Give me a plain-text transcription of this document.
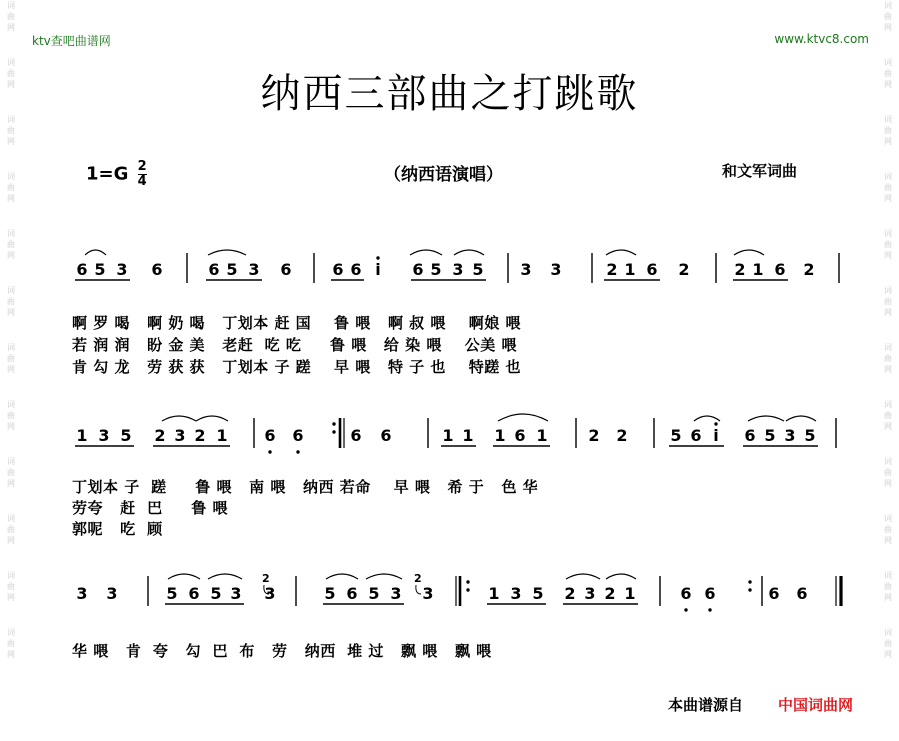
词
曲
网
词
曲
网
词
曲
网
词
曲
网
词
曲
网
词
曲
网
词
曲
网
词
曲
网
词
曲
网
词
曲
网
词
曲
网
词
曲
网
词
曲
网
词
曲
网
词
曲
网
词
曲
网
词
曲
网
词
曲
网
词
曲
网
词
曲
网
词
曲
网
词
曲
网
词
曲
网
词
曲
网
ktv查吧曲谱网	www.ktvc8.com
纳西三部曲之打跳歌
$1=G \frac{2}{4}$	（纳西语演唱）	和文军词曲
6 5 3 6	6 5 3 6	6 6 i 6 5 3 5 3 3	2 1 6 2	2 1 6 2
1 3 5 2 3 2 1 6 6	6 6	1 1 1 6 1	2 2	5 6 i 6 5 3 5
3 3	5 6 5 3 3	5 6 5 3 3	1 3 5 2 3 2 1	6 6	6 6
2	2
啊 罗 喝   啊 奶 喝   丁划本 赶 国    鲁 喂   啊 叔 喂    啊娘 喂
若 润 润   盼 金 美   老赶  吃 吃     鲁 喂   给 染 喂    公美 喂
肯 勾 龙   劳 获 获   丁划本 子 蹉    早 喂   特 子 也    特蹉 也
丁划本 子  蹉     鲁 喂   南 喂   纳西 若命    早 喂   希 于   色 华
劳夸   赶  巴     鲁 喂
郭呢   吃  顾
华 喂   肯  夸   勾  巴  布   劳   纳西  堆 过   飘 喂   飘 喂
本曲谱源自 中国词曲网
